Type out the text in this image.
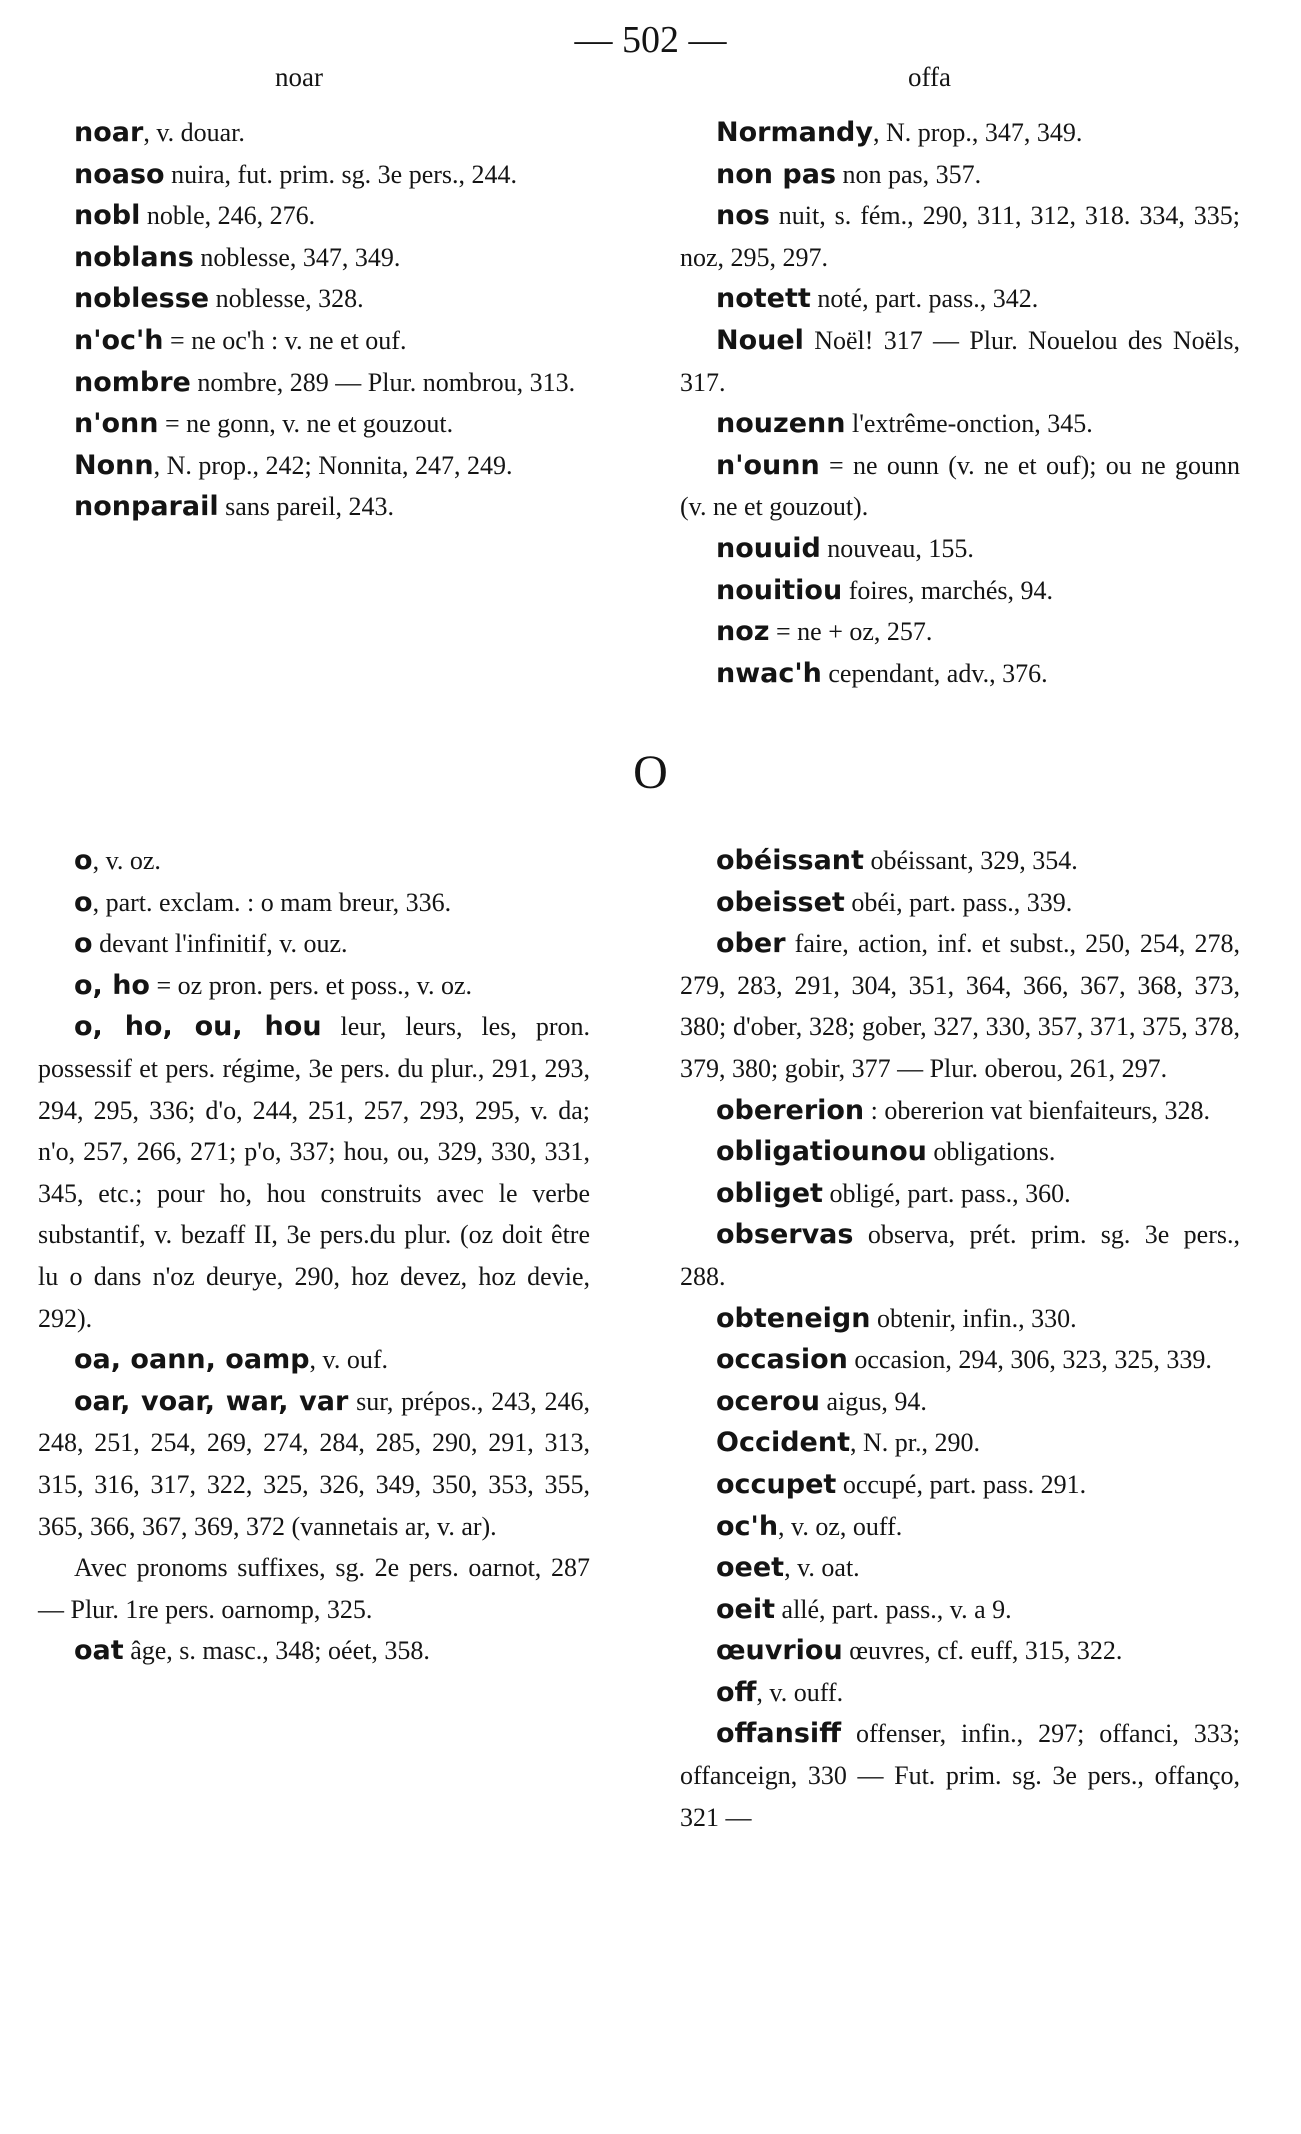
— 502 —
noar	offa
O

noar, v. douar.

noaso nuira, fut. prim. sg. 3e pers., 244.

nobl noble, 246, 276.

noblans noblesse, 347, 349.

noblesse noblesse, 328.

n'oc'h = ne oc'h : v. ne et ouf.

nombre nombre, 289 — Plur. nombrou, 313.

n'onn = ne gonn, v. ne et gouzout.

Nonn, N. prop., 242; Nonnita, 247, 249.

nonparail sans pareil, 243.

Normandy, N. prop., 347, 349.

non pas non pas, 357.

nos nuit, s. fém., 290, 311, 312, 318. 334, 335; noz, 295, 297.

notett noté, part. pass., 342.

Nouel Noël! 317 — Plur. Nouelou des Noëls, 317.

nouzenn l'extrême-onction, 345.

n'ounn = ne ounn (v. ne et ouf); ou ne gounn (v. ne et gouzout).

nouuid nouveau, 155.

nouitiou foires, marchés, 94.

noz = ne + oz, 257.

nwac'h cependant, adv., 376.

o, v. oz.

o, part. exclam. : o mam breur, 336.

o devant l'infinitif, v. ouz.

o, ho = oz pron. pers. et poss., v. oz.

o, ho, ou, hou leur, leurs, les, pron. possessif et pers. régime, 3e pers. du plur., 291, 293, 294, 295, 336; d'o, 244, 251, 257, 293, 295, v. da; n'o, 257, 266, 271; p'o, 337; hou, ou, 329, 330, 331, 345, etc.; pour ho, hou construits avec le verbe substantif, v. bezaff II, 3e pers.du plur. (oz doit être lu o dans n'oz deurye, 290, hoz devez, hoz devie, 292).

oa, oann, oamp, v. ouf.

oar, voar, war, var sur, prépos., 243, 246, 248, 251, 254, 269, 274, 284, 285, 290, 291, 313, 315, 316, 317, 322, 325, 326, 349, 350, 353, 355, 365, 366, 367, 369, 372 (vannetais ar, v. ar).

Avec pronoms suffixes, sg. 2e pers. oarnot, 287 — Plur. 1re pers. oarnomp, 325.

oat âge, s. masc., 348; oéet, 358.

obéissant obéissant, 329, 354.

obeisset obéi, part. pass., 339.

ober faire, action, inf. et subst., 250, 254, 278, 279, 283, 291, 304, 351, 364, 366, 367, 368, 373, 380; d'ober, 328; gober, 327, 330, 357, 371, 375, 378, 379, 380; gobir, 377 — Plur. oberou, 261, 297.

obererion : obererion vat bienfaiteurs, 328.

obligatiounou obligations.

obliget obligé, part. pass., 360.

observas observa, prét. prim. sg. 3e pers., 288.

obteneign obtenir, infin., 330.

occasion occasion, 294, 306, 323, 325, 339.

ocerou aigus, 94.

Occident, N. pr., 290.

occupet occupé, part. pass. 291.

oc'h, v. oz, ouff.

oeet, v. oat.

oeit allé, part. pass., v. a 9.

œuvriou œuvres, cf. euff, 315, 322.

off, v. ouff.

offansiff offenser, infin., 297; offanci, 333; offanceign, 330 — Fut. prim. sg. 3e pers., offanço, 321 —
